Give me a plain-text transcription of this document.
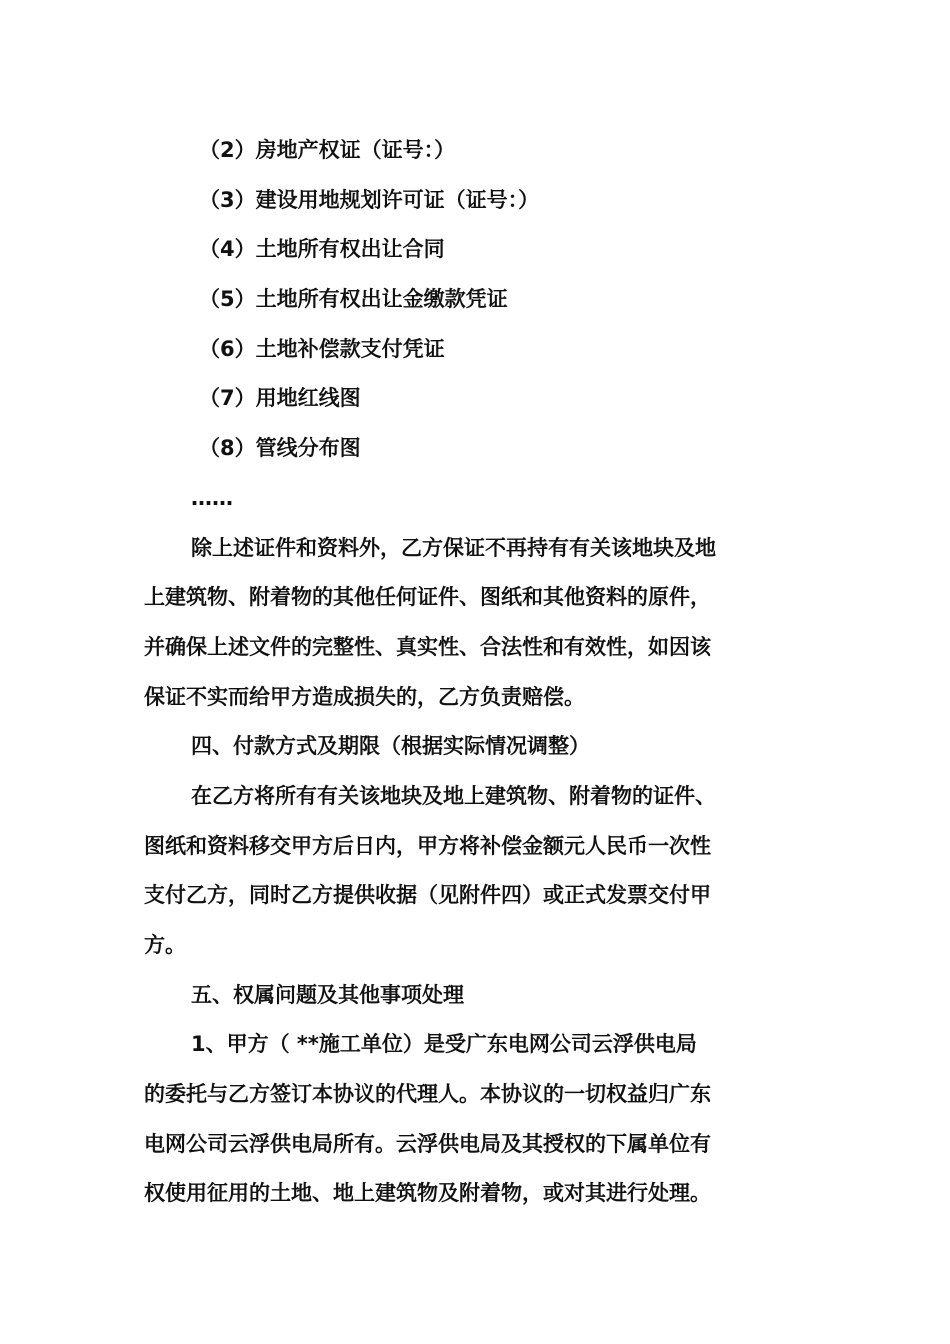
（2）房地产权证（证号：）
（3）建设用地规划许可证（证号：）
（4）土地所有权出让合同
（5）土地所有权出让金缴款凭证
（6）土地补偿款支付凭证
（7）用地红线图
（8）管线分布图
……
除上述证件和资料外，乙方保证不再持有有关该地块及地
上建筑物、附着物的其他任何证件、图纸和其他资料的原件，
并确保上述文件的完整性、真实性、合法性和有效性，如因该
保证不实而给甲方造成损失的，乙方负责赔偿。
四、付款方式及期限（根据实际情况调整）
在乙方将所有有关该地块及地上建筑物、附着物的证件、
图纸和资料移交甲方后日内，甲方将补偿金额元人民币一次性
支付乙方，同时乙方提供收据（见附件四）或正式发票交付甲
方。
五、权属问题及其他事项处理
1、甲方（ **施工单位）是受广东电网公司云浮供电局
的委托与乙方签订本协议的代理人。本协议的一切权益归广东
电网公司云浮供电局所有。云浮供电局及其授权的下属单位有
权使用征用的土地、地上建筑物及附着物，或对其进行处理。
